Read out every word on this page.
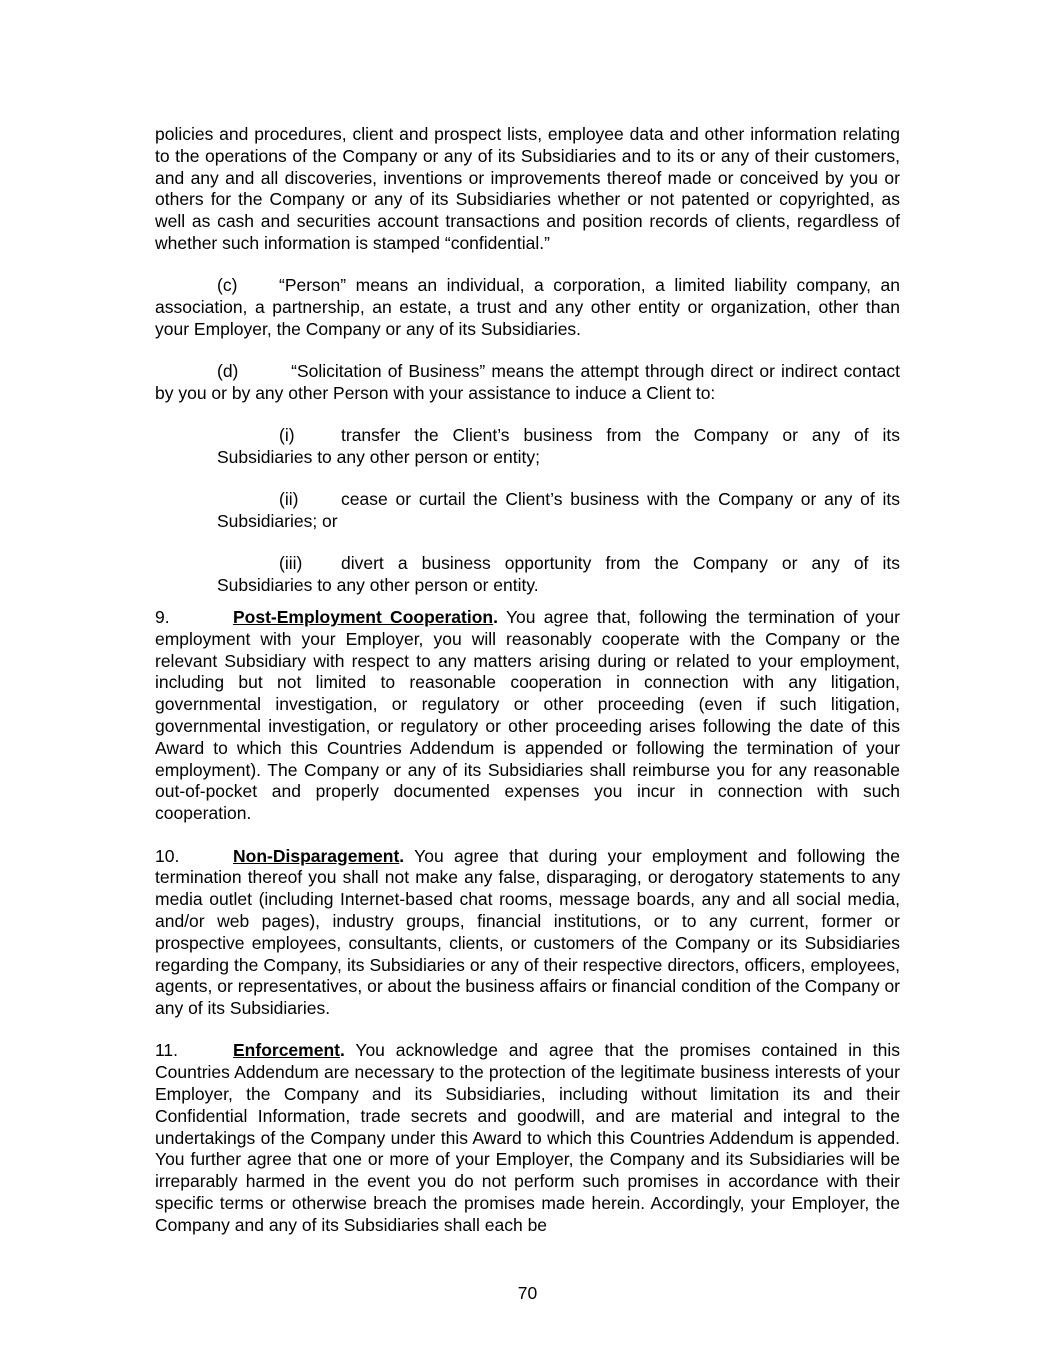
policies and procedures, client and prospect lists, employee data and other information relating to the operations of the Company or any of its Subsidiaries and to its or any of their customers, and any and all discoveries, inventions or improvements thereof made or conceived by you or others for the Company or any of its Subsidiaries whether or not patented or copyrighted, as well as cash and securities account transactions and position records of clients, regardless of whether such information is stamped “confidential.”

(c) “Person” means an individual, a corporation, a limited liability company, an association, a partnership, an estate, a trust and any other entity or organization, other than your Employer, the Company or any of its Subsidiaries.

(d)	“Solicitation of Business” means the attempt through direct or indirect contact by you or by any other Person with your assistance to induce a Client to:

(i)	transfer the Client’s business from the Company or any of its Subsidiaries to any other person or entity;

(ii) cease or curtail the Client’s business with the Company or any of its Subsidiaries; or

(iii) divert a business opportunity from the Company or any of its Subsidiaries to any other person or entity.

9.	Post-Employment Cooperation. You agree that, following the termination of your employment with your Employer, you will reasonably cooperate with the Company or the relevant Subsidiary with respect to any matters arising during or related to your employment, including but not limited to reasonable cooperation in connection with any litigation, governmental investigation, or regulatory or other proceeding (even if such litigation, governmental investigation, or regulatory or other proceeding arises following the date of this Award to which this Countries Addendum is appended or following the termination of your employment). The Company or any of its Subsidiaries shall reimburse you for any reasonable out-of-pocket and properly documented expenses you incur in connection with such cooperation.

10.	Non-Disparagement. You agree that during your employment and following the termination thereof you shall not make any false, disparaging, or derogatory statements to any media outlet (including Internet-based chat rooms, message boards, any and all social media, and/or web pages), industry groups, financial institutions, or to any current, former or prospective employees, consultants, clients, or customers of the Company or its Subsidiaries regarding the Company, its Subsidiaries or any of their respective directors, officers, employees, agents, or representatives, or about the business affairs or financial condition of the Company or any of its Subsidiaries.

11.	Enforcement. You acknowledge and agree that the promises contained in this Countries Addendum are necessary to the protection of the legitimate business interests of your Employer, the Company and its Subsidiaries, including without limitation its and their Confidential Information, trade secrets and goodwill, and are material and integral to the undertakings of the Company under this Award to which this Countries Addendum is appended. You further agree that one or more of your Employer, the Company and its Subsidiaries will be irreparably harmed in the event you do not perform such promises in accordance with their specific terms or otherwise breach the promises made herein. Accordingly, your Employer, the Company and any of its Subsidiaries shall each be

70
